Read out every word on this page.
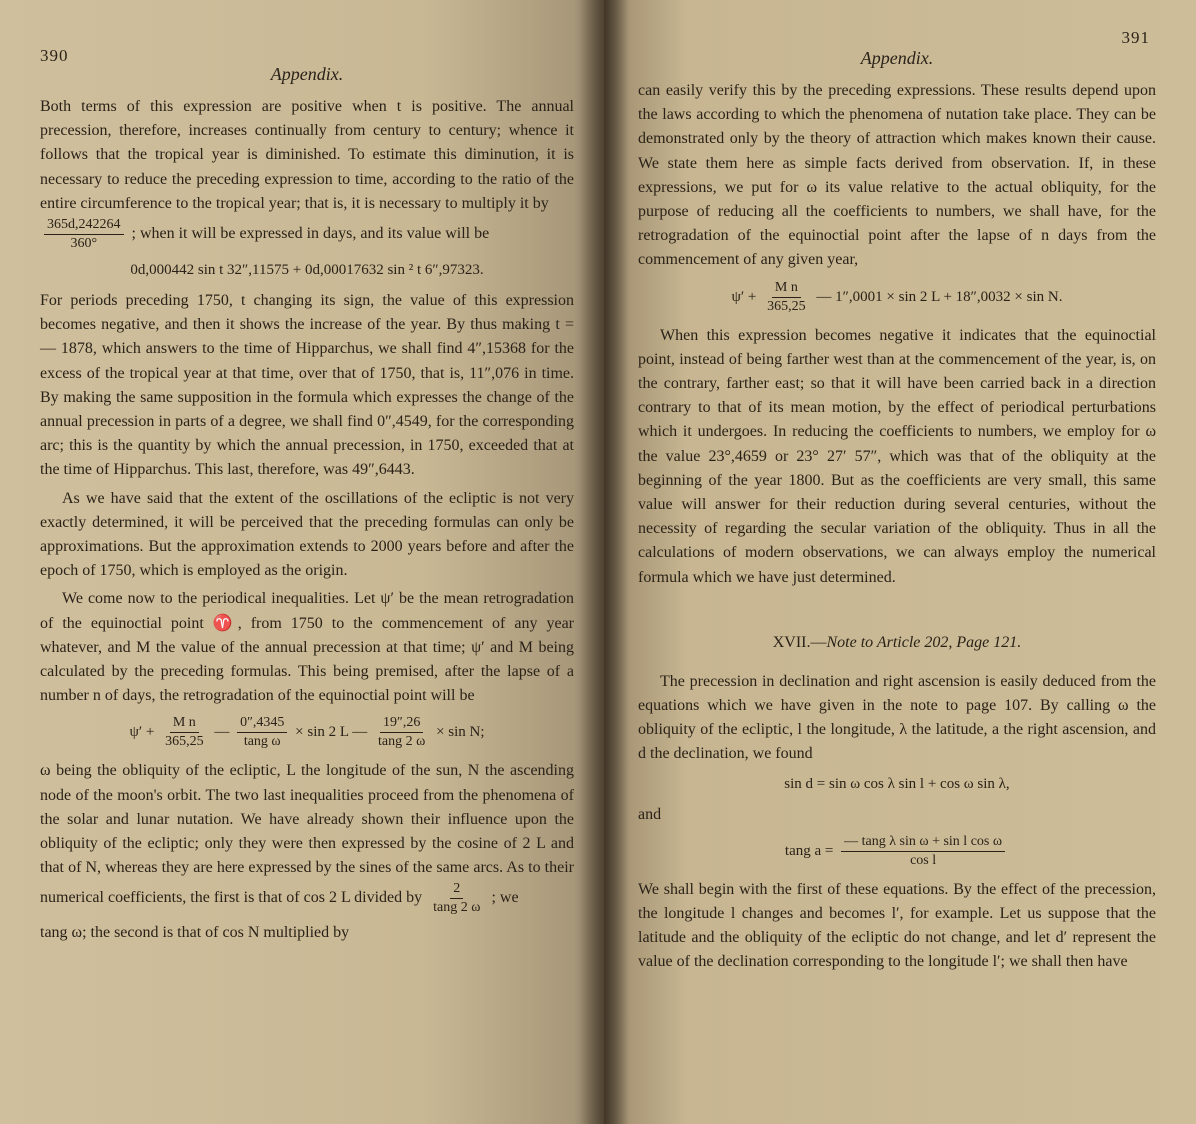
390
Appendix.

Both terms of this expression are positive when t is positive. The annual precession, therefore, increases continually from century to century; whence it follows that the tropical year is diminished. To estimate this diminution, it is necessary to reduce the preceding expression to time, according to the ratio of the entire circumference to the tropical year; that is, it is necessary to multiply it by

$\frac{365d,242264}{360^\circ}$ ; when it will be expressed in days, and its value will be

0d,000442 sin t 32″,11575 + 0d,00017632 sin ² t 6″,97323.

For periods preceding 1750, t changing its sign, the value of this expression becomes negative, and then it shows the increase of the year. By thus making t = — 1878, which answers to the time of Hipparchus, we shall find 4″,15368 for the excess of the tropical year at that time, over that of 1750, that is, 11″,076 in time. By making the same supposition in the formula which expresses the change of the annual precession in parts of a degree, we shall find 0″,4549, for the corresponding arc; this is the quantity by which the annual precession, in 1750, exceeded that at the time of Hipparchus. This last, therefore, was 49″,6443.

As we have said that the extent of the oscillations of the ecliptic is not very exactly determined, it will be perceived that the preceding formulas can only be approximations. But the approximation extends to 2000 years before and after the epoch of 1750, which is employed as the origin.

We come now to the periodical inequalities. Let ψ′ be the mean retrogradation of the equinoctial point ♈, from 1750 to the commencement of any year whatever, and M the value of the annual precession at that time; ψ′ and M being calculated by the preceding formulas. This being premised, after the lapse of a number n of days, the retrogradation of the equinoctial point will be

$\psi' + \frac{\text{M n}}{365,25}$ — $\frac{0'',4345}{\text{tang ω}} \times \sin 2$ L — $\frac{19'',26}{\tan g 2 \omega} \times \sin N$;

ω being the obliquity of the ecliptic, L the longitude of the sun, N the ascending node of the moon's orbit. The two last inequalities proceed from the phenomena of the solar and lunar nutation. We have already shown their influence upon the obliquity of the ecliptic; only they were then expressed by the cosine of 2 L and that of N, whereas they are here expressed by the sines of the same arcs. As to their numerical coefficients, the first is that of cos 2 L divided by $\frac{2}{\tan g 2 \omega}$ ; we

tang ω; the second is that of cos N multiplied by

391
Appendix.

can easily verify this by the preceding expressions. These results depend upon the laws according to which the phenomena of nutation take place. They can be demonstrated only by the theory of attraction which makes known their cause. We state them here as simple facts derived from observation. If, in these expressions, we put for ω its value relative to the actual obliquity, for the purpose of reducing all the coefficients to numbers, we shall have, for the retrogradation of the equinoctial point after the lapse of n days from the commencement of any given year,

$\psi' + \frac{\text{M n}}{365,25}$ — 1″,0001 × sin 2 L + 18″,0032 × sin N.

When this expression becomes negative it indicates that the equinoctial point, instead of being farther west than at the commencement of the year, is, on the contrary, farther east; so that it will have been carried back in a direction contrary to that of its mean motion, by the effect of periodical perturbations which it undergoes. In reducing the coefficients to numbers, we employ for ω the value 23°,4659 or 23° 27′ 57″, which was that of the obliquity at the beginning of the year 1800. But as the coefficients are very small, this same value will answer for their reduction during several centuries, without the necessity of regarding the secular variation of the obliquity. Thus in all the calculations of modern observations, we can always employ the numerical formula which we have just determined.

XVII.—Note to Article 202, Page 121.

The precession in declination and right ascension is easily deduced from the equations which we have given in the note to page 107. By calling ω the obliquity of the ecliptic, l the longitude, λ the latitude, a the right ascension, and d the declination, we found

sin d = sin ω cos λ sin l + cos ω sin λ,
and
tang $a = \frac{\text{— tang λ sin ω + sin l cos ω}}{\text{cos l}}$

We shall begin with the first of these equations. By the effect of the precession, the longitude l changes and becomes l′, for example. Let us suppose that the latitude and the obliquity of the ecliptic do not change, and let d′ represent the value of the declination corresponding to the longitude l′; we shall then have
